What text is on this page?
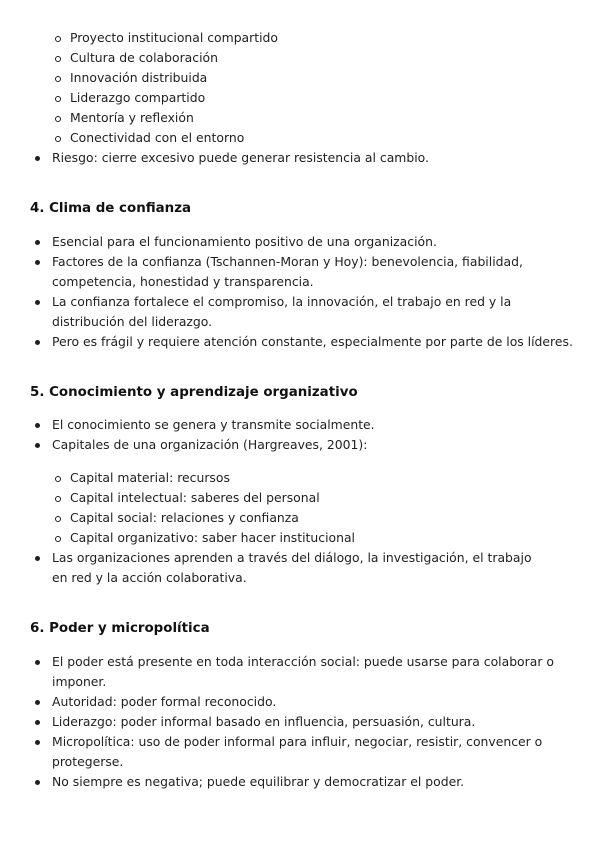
Proyecto institucional compartido
Cultura de colaboración
Innovación distribuida
Liderazgo compartido
Mentoría y reflexión
Conectividad con el entorno
Riesgo: cierre excesivo puede generar resistencia al cambio.
4. Clima de confianza
Esencial para el funcionamiento positivo de una organización.
Factores de la confianza (Tschannen-Moran y Hoy): benevolencia, fiabilidad, competencia, honestidad y transparencia.
La confianza fortalece el compromiso, la innovación, el trabajo en red y la distribución del liderazgo.
Pero es frágil y requiere atención constante, especialmente por parte de los líderes.
5. Conocimiento y aprendizaje organizativo
El conocimiento se genera y transmite socialmente.
Capitales de una organización (Hargreaves, 2001):
Capital material: recursos
Capital intelectual: saberes del personal
Capital social: relaciones y confianza
Capital organizativo: saber hacer institucional
Las organizaciones aprenden a través del diálogo, la investigación, el trabajo en red y la acción colaborativa.
6. Poder y micropolítica
El poder está presente en toda interacción social: puede usarse para colaborar o imponer.
Autoridad: poder formal reconocido.
Liderazgo: poder informal basado en influencia, persuasión, cultura.
Micropolítica: uso de poder informal para influir, negociar, resistir, convencer o protegerse.
No siempre es negativa; puede equilibrar y democratizar el poder.
